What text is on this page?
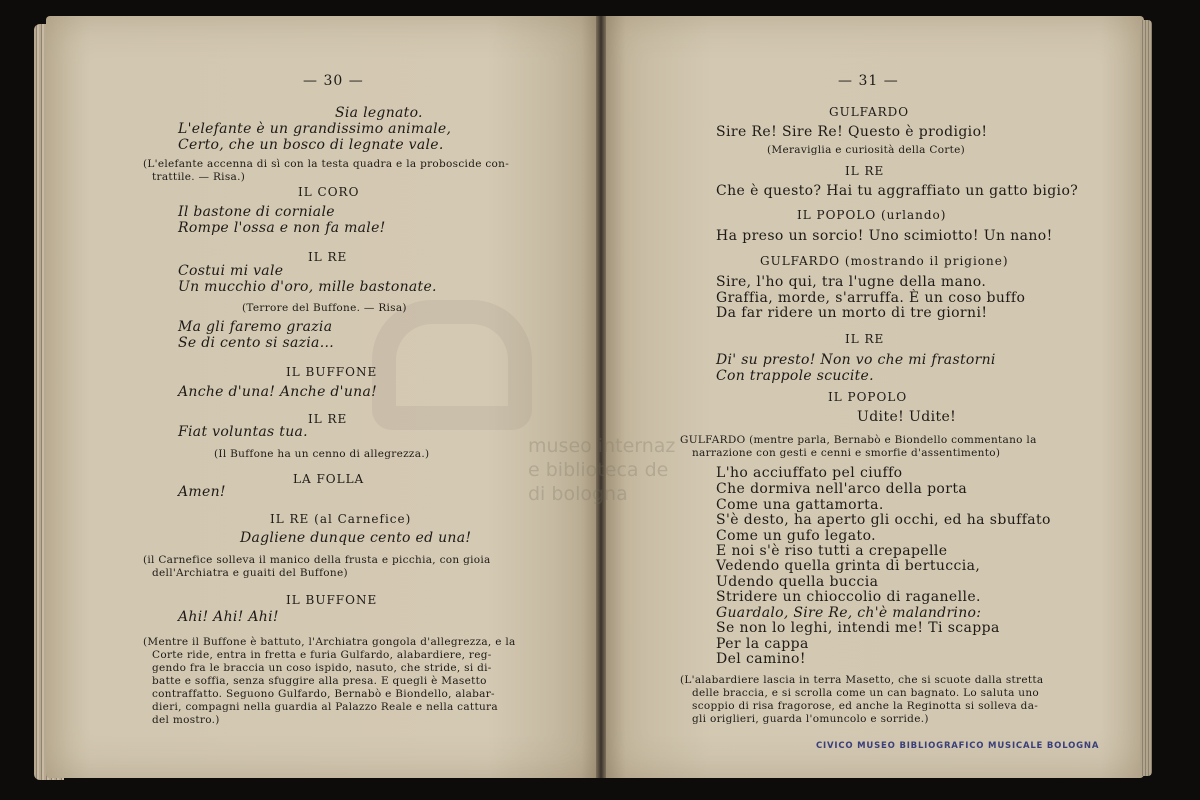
museo internaz
e biblioteca de
di bologna
— 30 —
Sia legnato.
L'elefante è un grandissimo animale,
Certo, che un bosco di legnate vale.
(L'elefante accenna di sì con la testa quadra e la proboscide con-
trattile. — Risa.)
IL CORO
Il bastone di corniale
Rompe l'ossa e non fa male!
IL RE
Costui mi vale
Un mucchio d'oro, mille bastonate.
(Terrore del Buffone. — Risa)
Ma gli faremo grazia
Se di cento si sazia...
IL BUFFONE
Anche d'una! Anche d'una!
IL RE
Fiat voluntas tua.
(Il Buffone ha un cenno di allegrezza.)
LA FOLLA
Amen!
IL RE (al Carnefice)
Dagliene dunque cento ed una!
(il Carnefice solleva il manico della frusta e picchia, con gioia
dell'Archiatra e guaiti del Buffone)
IL BUFFONE
Ahi! Ahi! Ahi!
(Mentre il Buffone è battuto, l'Archiatra gongola d'allegrezza, e la
Corte ride, entra in fretta e furia Gulfardo, alabardiere, reg-
gendo fra le braccia un coso ispido, nasuto, che stride, si di-
batte e soffia, senza sfuggire alla presa. E quegli è Masetto
contraffatto. Seguono Gulfardo, Bernabò e Biondello, alabar-
dieri, compagni nella guardia al Palazzo Reale e nella cattura
del mostro.)
— 31 —
GULFARDO
Sire Re! Sire Re! Questo è prodigio!
(Meraviglia e curiosità della Corte)
IL RE
Che è questo? Hai tu aggraffiato un gatto bigio?
IL POPOLO (urlando)
Ha preso un sorcio! Uno scimiotto! Un nano!
GULFARDO (mostrando il prigione)
Sire, l'ho qui, tra l'ugne della mano.
Graffia, morde, s'arruffa. È un coso buffo
Da far ridere un morto di tre giorni!
IL RE
Di' su presto! Non vo che mi frastorni
Con trappole scucite.
IL POPOLO
Udite! Udite!
GULFARDO (mentre parla, Bernabò e Biondello commentano la
narrazione con gesti e cenni e smorfie d'assentimento)
L'ho acciuffato pel ciuffo
Che dormiva nell'arco della porta
Come una gattamorta.
S'è desto, ha aperto gli occhi, ed ha sbuffato
Come un gufo legato.
E noi s'è riso tutti a crepapelle
Vedendo quella grinta di bertuccia,
Udendo quella buccia
Stridere un chioccolio di raganelle.
Guardalo, Sire Re, ch'è malandrino:
Se non lo leghi, intendi me! Ti scappa
Per la cappa
Del camino!
(L'alabardiere lascia in terra Masetto, che si scuote dalla stretta
delle braccia, e si scrolla come un can bagnato. Lo saluta uno
scoppio di risa fragorose, ed anche la Reginotta si solleva da-
gli origlieri, guarda l'omuncolo e sorride.)
CIVICO MUSEO BIBLIOGRAFICO MUSICALE BOLOGNA
